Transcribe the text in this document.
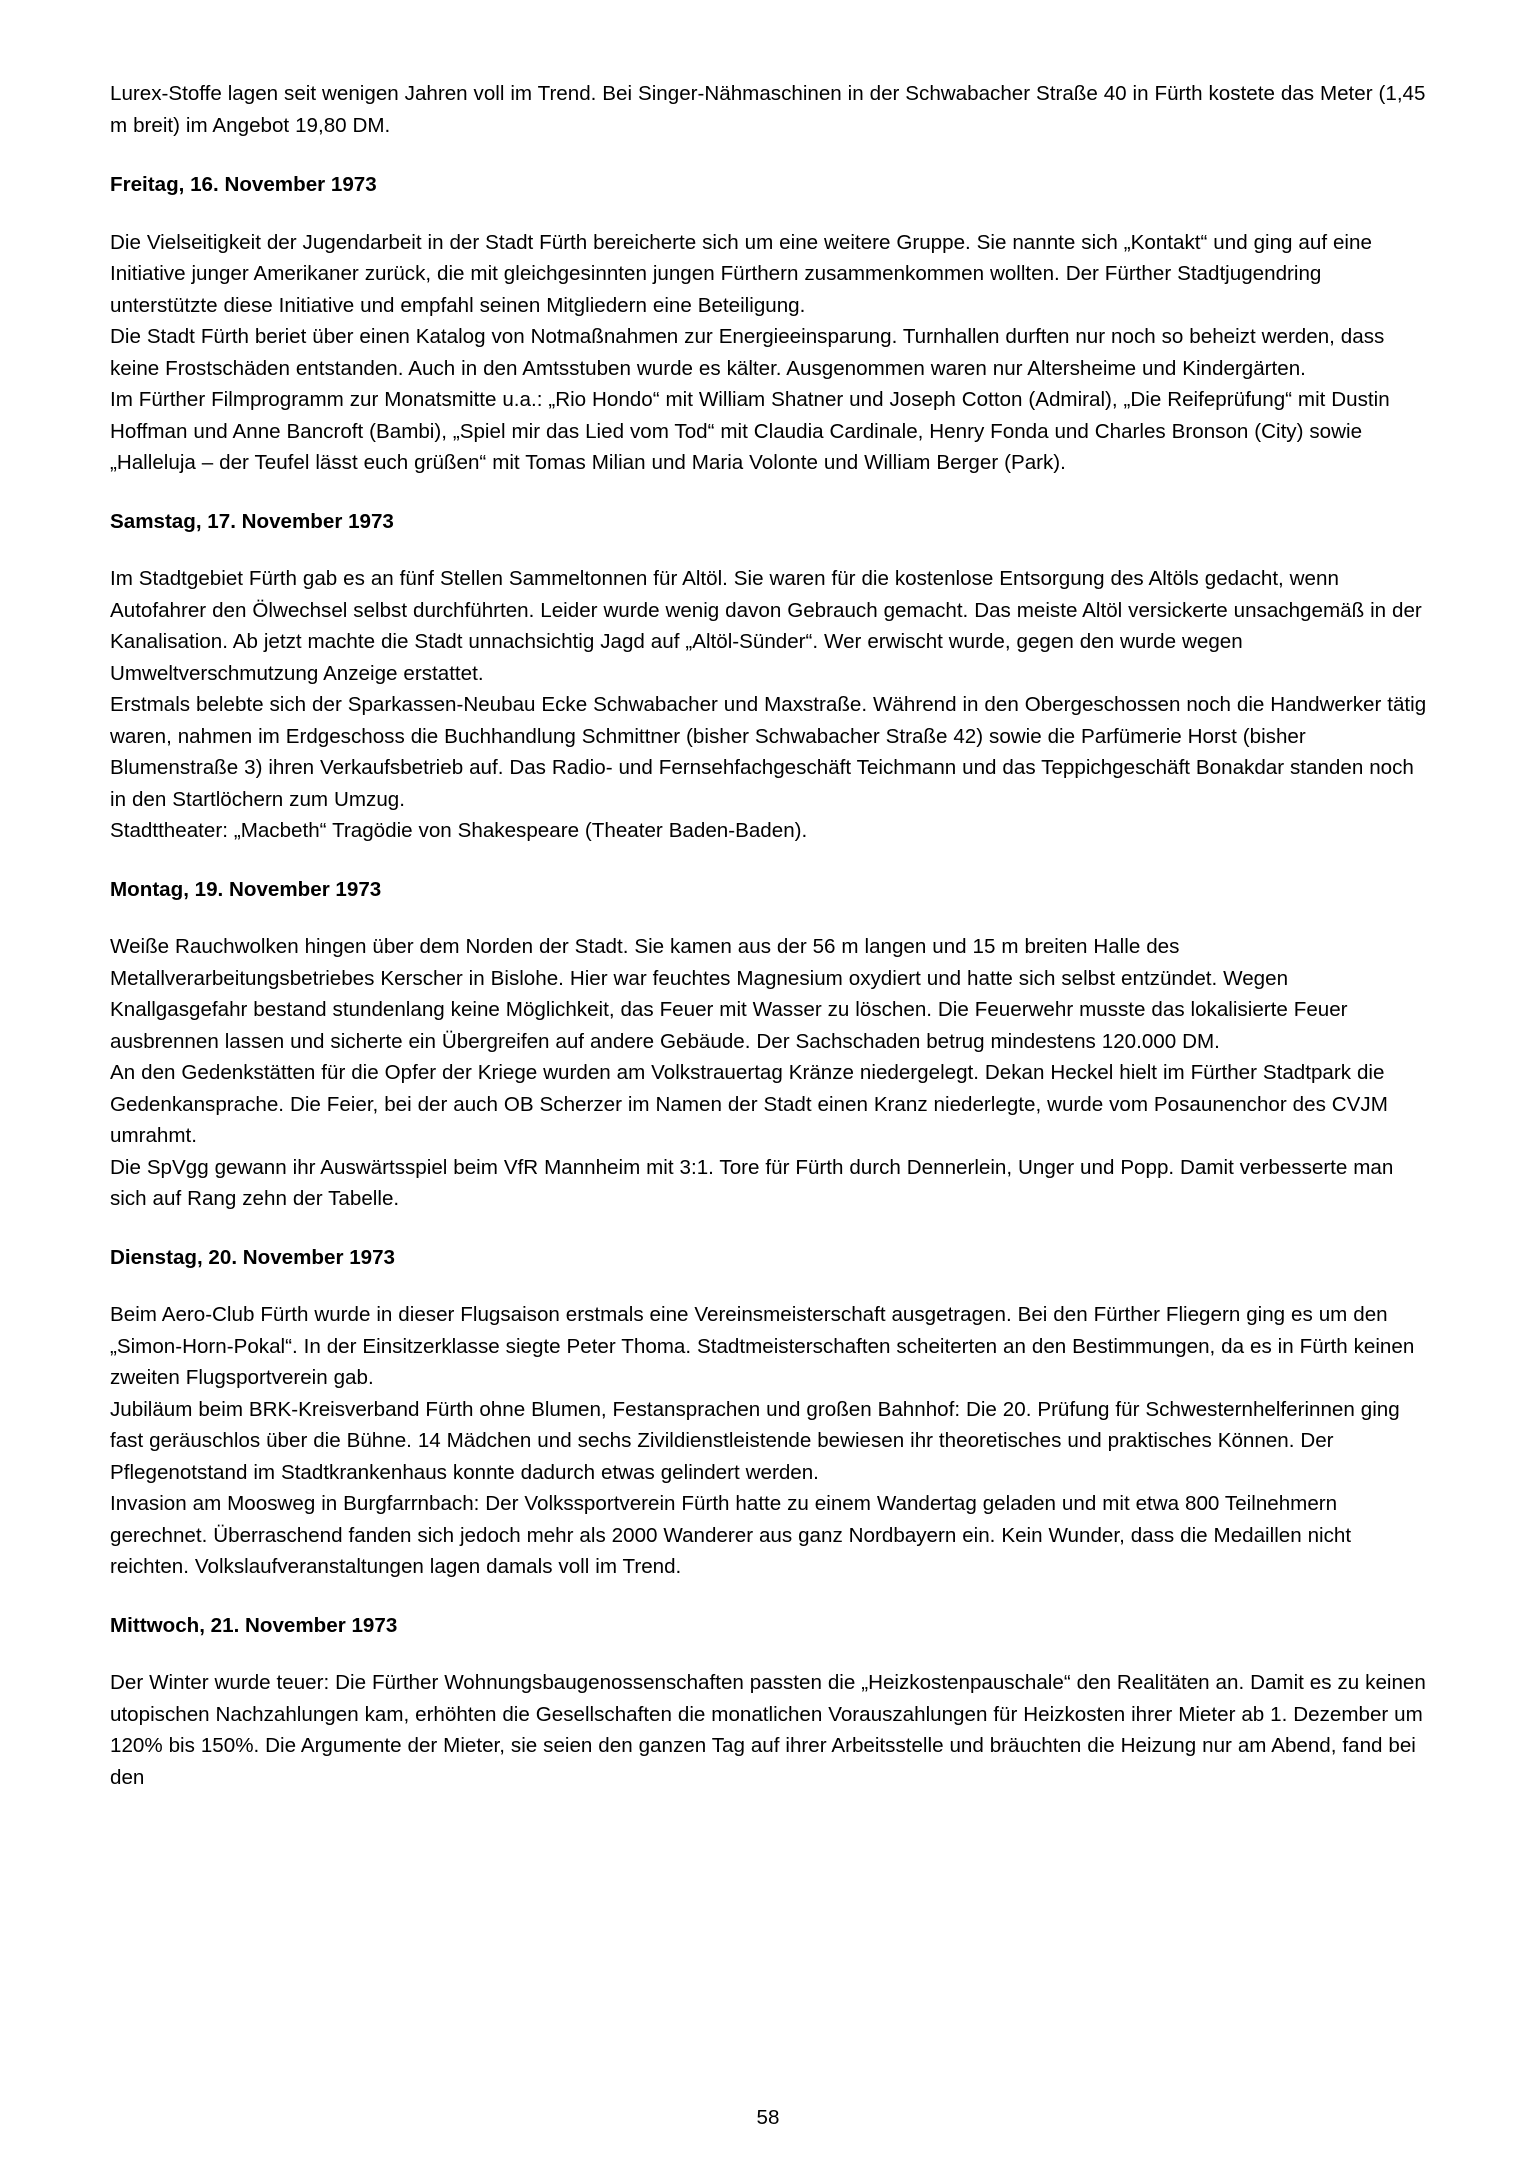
Lurex-Stoffe lagen seit wenigen Jahren voll im Trend. Bei Singer-Nähmaschinen in der Schwabacher Straße 40 in Fürth kostete das Meter (1,45 m breit) im Angebot 19,80 DM.

Freitag, 16. November 1973

Die Vielseitigkeit der Jugendarbeit in der Stadt Fürth bereicherte sich um eine weitere Gruppe. Sie nannte sich „Kontakt“ und ging auf eine Initiative junger Amerikaner zurück, die mit gleichgesinnten jungen Fürthern zusammenkommen wollten. Der Fürther Stadtjugendring unterstützte diese Initiative und empfahl seinen Mitgliedern eine Beteiligung.

Die Stadt Fürth beriet über einen Katalog von Notmaßnahmen zur Energieeinsparung. Turnhallen durften nur noch so beheizt werden, dass keine Frostschäden entstanden. Auch in den Amtsstuben wurde es kälter. Ausgenommen waren nur Altersheime und Kindergärten.

Im Fürther Filmprogramm zur Monatsmitte u.a.: „Rio Hondo“ mit William Shatner und Joseph Cotton (Admiral), „Die Reifeprüfung“ mit Dustin Hoffman und Anne Bancroft (Bambi), „Spiel mir das Lied vom Tod“ mit Claudia Cardinale, Henry Fonda und Charles Bronson (City) sowie „Halleluja – der Teufel lässt euch grüßen“ mit Tomas Milian und Maria Volonte und William Berger (Park).

Samstag, 17. November 1973

Im Stadtgebiet Fürth gab es an fünf Stellen Sammeltonnen für Altöl. Sie waren für die kostenlose Entsorgung des Altöls gedacht, wenn Autofahrer den Ölwechsel selbst durchführten. Leider wurde wenig davon Gebrauch gemacht. Das meiste Altöl versickerte unsachgemäß in der Kanalisation. Ab jetzt machte die Stadt unnachsichtig Jagd auf „Altöl-Sünder“. Wer erwischt wurde, gegen den wurde wegen Umweltverschmutzung Anzeige erstattet.

Erstmals belebte sich der Sparkassen-Neubau Ecke Schwabacher und Maxstraße. Während in den Obergeschossen noch die Handwerker tätig waren, nahmen im Erdgeschoss die Buchhandlung Schmittner (bisher Schwabacher Straße 42) sowie die Parfümerie Horst (bisher Blumenstraße 3) ihren Verkaufsbetrieb auf. Das Radio- und Fernsehfachgeschäft Teichmann und das Teppichgeschäft Bonakdar standen noch in den Startlöchern zum Umzug.

Stadttheater: „Macbeth“ Tragödie von Shakespeare (Theater Baden-Baden).

Montag, 19. November 1973

Weiße Rauchwolken hingen über dem Norden der Stadt. Sie kamen aus der 56 m langen und 15 m breiten Halle des Metallverarbeitungsbetriebes Kerscher in Bislohe. Hier war feuchtes Magnesium oxydiert und hatte sich selbst entzündet. Wegen Knallgasgefahr bestand stundenlang keine Möglichkeit, das Feuer mit Wasser zu löschen. Die Feuerwehr musste das lokalisierte Feuer ausbrennen lassen und sicherte ein Übergreifen auf andere Gebäude. Der Sachschaden betrug mindestens 120.000 DM.

An den Gedenkstätten für die Opfer der Kriege wurden am Volkstrauertag Kränze niedergelegt. Dekan Heckel hielt im Fürther Stadtpark die Gedenkansprache. Die Feier, bei der auch OB Scherzer im Namen der Stadt einen Kranz niederlegte, wurde vom Posaunenchor des CVJM umrahmt.

Die SpVgg gewann ihr Auswärtsspiel beim VfR Mannheim mit 3:1. Tore für Fürth durch Dennerlein, Unger und Popp. Damit verbesserte man sich auf Rang zehn der Tabelle.

Dienstag, 20. November 1973

Beim Aero-Club Fürth wurde in dieser Flugsaison erstmals eine Vereinsmeisterschaft ausgetragen. Bei den Fürther Fliegern ging es um den „Simon-Horn-Pokal“. In der Einsitzerklasse siegte Peter Thoma. Stadtmeisterschaften scheiterten an den Bestimmungen, da es in Fürth keinen zweiten Flugsportverein gab.

Jubiläum beim BRK-Kreisverband Fürth ohne Blumen, Festansprachen und großen Bahnhof: Die 20. Prüfung für Schwesternhelferinnen ging fast geräuschlos über die Bühne. 14 Mädchen und sechs Zivildienstleistende bewiesen ihr theoretisches und praktisches Können. Der Pflegenotstand im Stadtkrankenhaus konnte dadurch etwas gelindert werden.

Invasion am Moosweg in Burgfarrnbach: Der Volkssportverein Fürth hatte zu einem Wandertag geladen und mit etwa 800 Teilnehmern gerechnet. Überraschend fanden sich jedoch mehr als 2000 Wanderer aus ganz Nordbayern ein. Kein Wunder, dass die Medaillen nicht reichten. Volkslaufveranstaltungen lagen damals voll im Trend.

Mittwoch, 21. November 1973

Der Winter wurde teuer: Die Fürther Wohnungsbaugenossenschaften passten die „Heizkostenpauschale“ den Realitäten an. Damit es zu keinen utopischen Nachzahlungen kam, erhöhten die Gesellschaften die monatlichen Vorauszahlungen für Heizkosten ihrer Mieter ab 1. Dezember um 120% bis 150%. Die Argumente der Mieter, sie seien den ganzen Tag auf ihrer Arbeitsstelle und bräuchten die Heizung nur am Abend, fand bei den

58
